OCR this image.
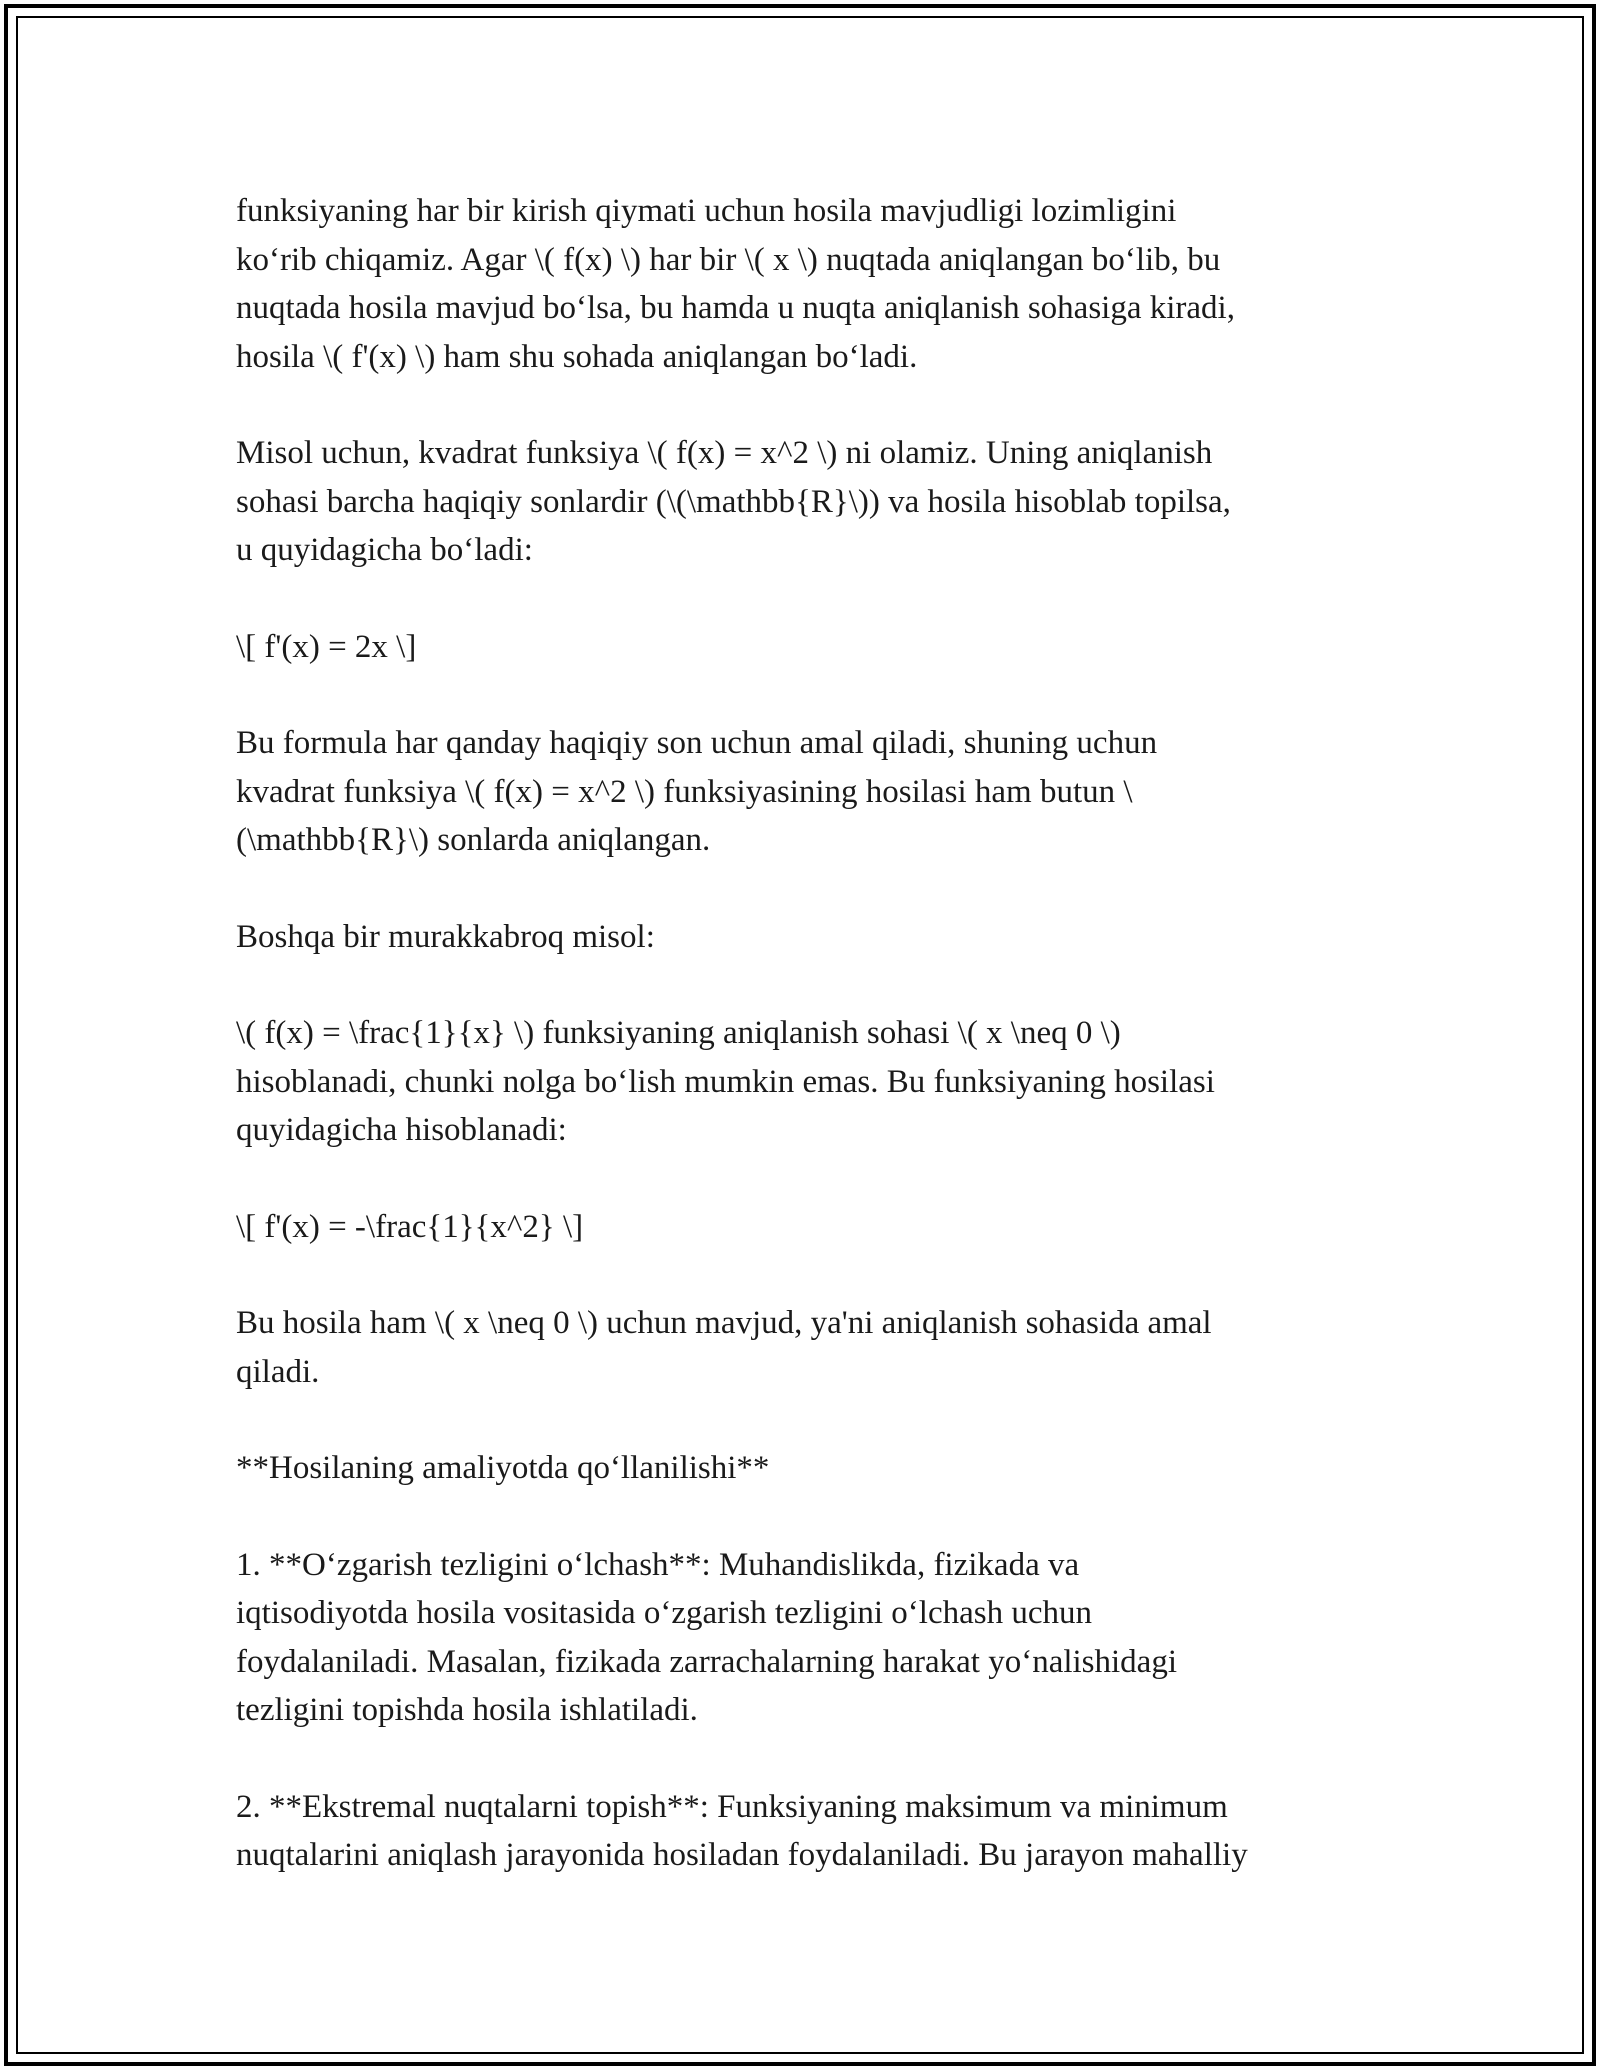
funksiyaning har bir kirish qiymati uchun hosila mavjudligi lozimligini
ko‘rib chiqamiz. Agar \( f(x) \) har bir \( x \) nuqtada aniqlangan bo‘lib, bu
nuqtada hosila mavjud bo‘lsa, bu hamda u nuqta aniqlanish sohasiga kiradi,
hosila \( f'(x) \) ham shu sohada aniqlangan bo‘ladi.

Misol uchun, kvadrat funksiya \( f(x) = x^2 \) ni olamiz. Uning aniqlanish
sohasi barcha haqiqiy sonlardir (\(\mathbb{R}\)) va hosila hisoblab topilsa,
u quyidagicha bo‘ladi:

\[ f'(x) = 2x \]

Bu formula har qanday haqiqiy son uchun amal qiladi, shuning uchun
kvadrat funksiya \( f(x) = x^2 \) funksiyasining hosilasi ham butun \
(\mathbb{R}\) sonlarda aniqlangan.

Boshqa bir murakkabroq misol:

\( f(x) = \frac{1}{x} \) funksiyaning aniqlanish sohasi \( x \neq 0 \)
hisoblanadi, chunki nolga bo‘lish mumkin emas. Bu funksiyaning hosilasi
quyidagicha hisoblanadi:

\[ f'(x) = -\frac{1}{x^2} \]

Bu hosila ham \( x \neq 0 \) uchun mavjud, ya'ni aniqlanish sohasida amal
qiladi.

**Hosilaning amaliyotda qo‘llanilishi**

1. **O‘zgarish tezligini o‘lchash**: Muhandislikda, fizikada va
iqtisodiyotda hosila vositasida o‘zgarish tezligini o‘lchash uchun
foydalaniladi. Masalan, fizikada zarrachalarning harakat yo‘nalishidagi
tezligini topishda hosila ishlatiladi.

2. **Ekstremal nuqtalarni topish**: Funksiyaning maksimum va minimum
nuqtalarini aniqlash jarayonida hosiladan foydalaniladi. Bu jarayon mahalliy
